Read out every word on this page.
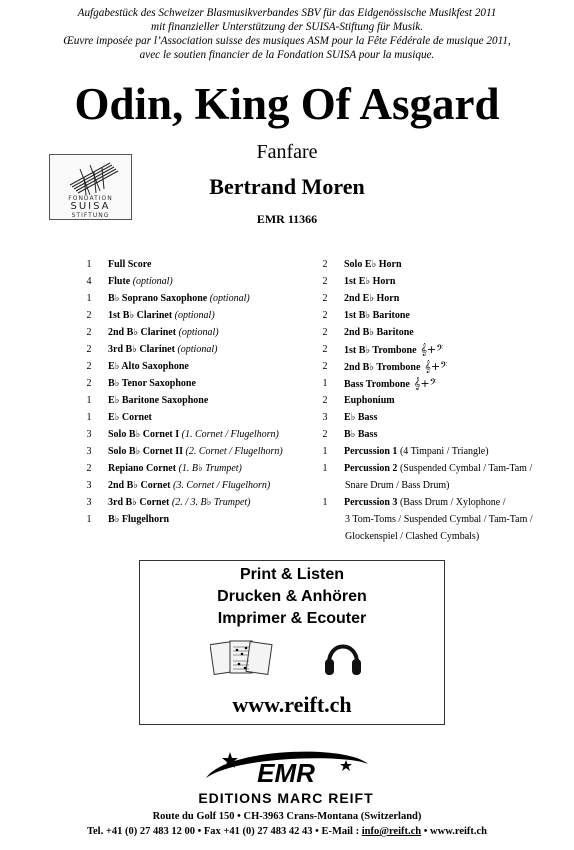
Aufgabestück des Schweizer Blasmusikverbandes SBV für das Eidgenössische Musikfest 2011
mit finanzieller Unterstützung der SUISA-Stiftung für Musik.
Œuvre imposée par l’Association suisse des musiques ASM pour la Fête Fédérale de musique 2011,
avec le soutien financier de la Fondation SUISA pour la musique.
Odin, King Of Asgard
FONDATION
SUISA
STIFTUNG
Fanfare
Bertrand Moren
EMR 11366
1	Full Score
4	Flute (optional)
1	B♭ Soprano Saxophone (optional)
2	1st B♭ Clarinet (optional)
2	2nd B♭ Clarinet (optional)
2	3rd B♭ Clarinet (optional)
2	E♭ Alto Saxophone
2	B♭ Tenor Saxophone
1	E♭ Baritone Saxophone
1	E♭ Cornet
3	Solo B♭ Cornet I (1. Cornet / Flugelhorn)
3	Solo B♭ Cornet II (2. Cornet / Flugelhorn)
2	Repiano Cornet (1. B♭ Trumpet)
3	2nd B♭ Cornet (3. Cornet / Flugelhorn)
3	3rd B♭ Cornet (2. / 3. B♭ Trumpet)
1	B♭ Flugelhorn
2	Solo E♭ Horn
2	1st E♭ Horn
2	2nd E♭ Horn
2	1st B♭ Baritone
2	2nd B♭ Baritone
2	1st B♭ Trombone 𝄞+𝄢
2	2nd B♭ Trombone 𝄞+𝄢
1	Bass Trombone 𝄞+𝄢
2	Euphonium
3	E♭ Bass
2	B♭ Bass
1	Percussion 1 (4 Timpani / Triangle)
1	Percussion 2 (Suspended Cymbal / Tam-Tam /
Snare Drum / Bass Drum)
1	Percussion 3 (Bass Drum / Xylophone /
3 Tom-Toms / Suspended Cymbal / Tam-Tam /
Glockenspiel / Clashed Cymbals)
Print & Listen
Drucken & Anhören
Imprimer & Ecouter
www.reift.ch
EMR
EDITIONS MARC REIFT
Route du Golf 150 • CH-3963 Crans-Montana (Switzerland)
Tel. +41 (0) 27 483 12 00 • Fax +41 (0) 27 483 42 43 • E-Mail : info@reift.ch • www.reift.ch
